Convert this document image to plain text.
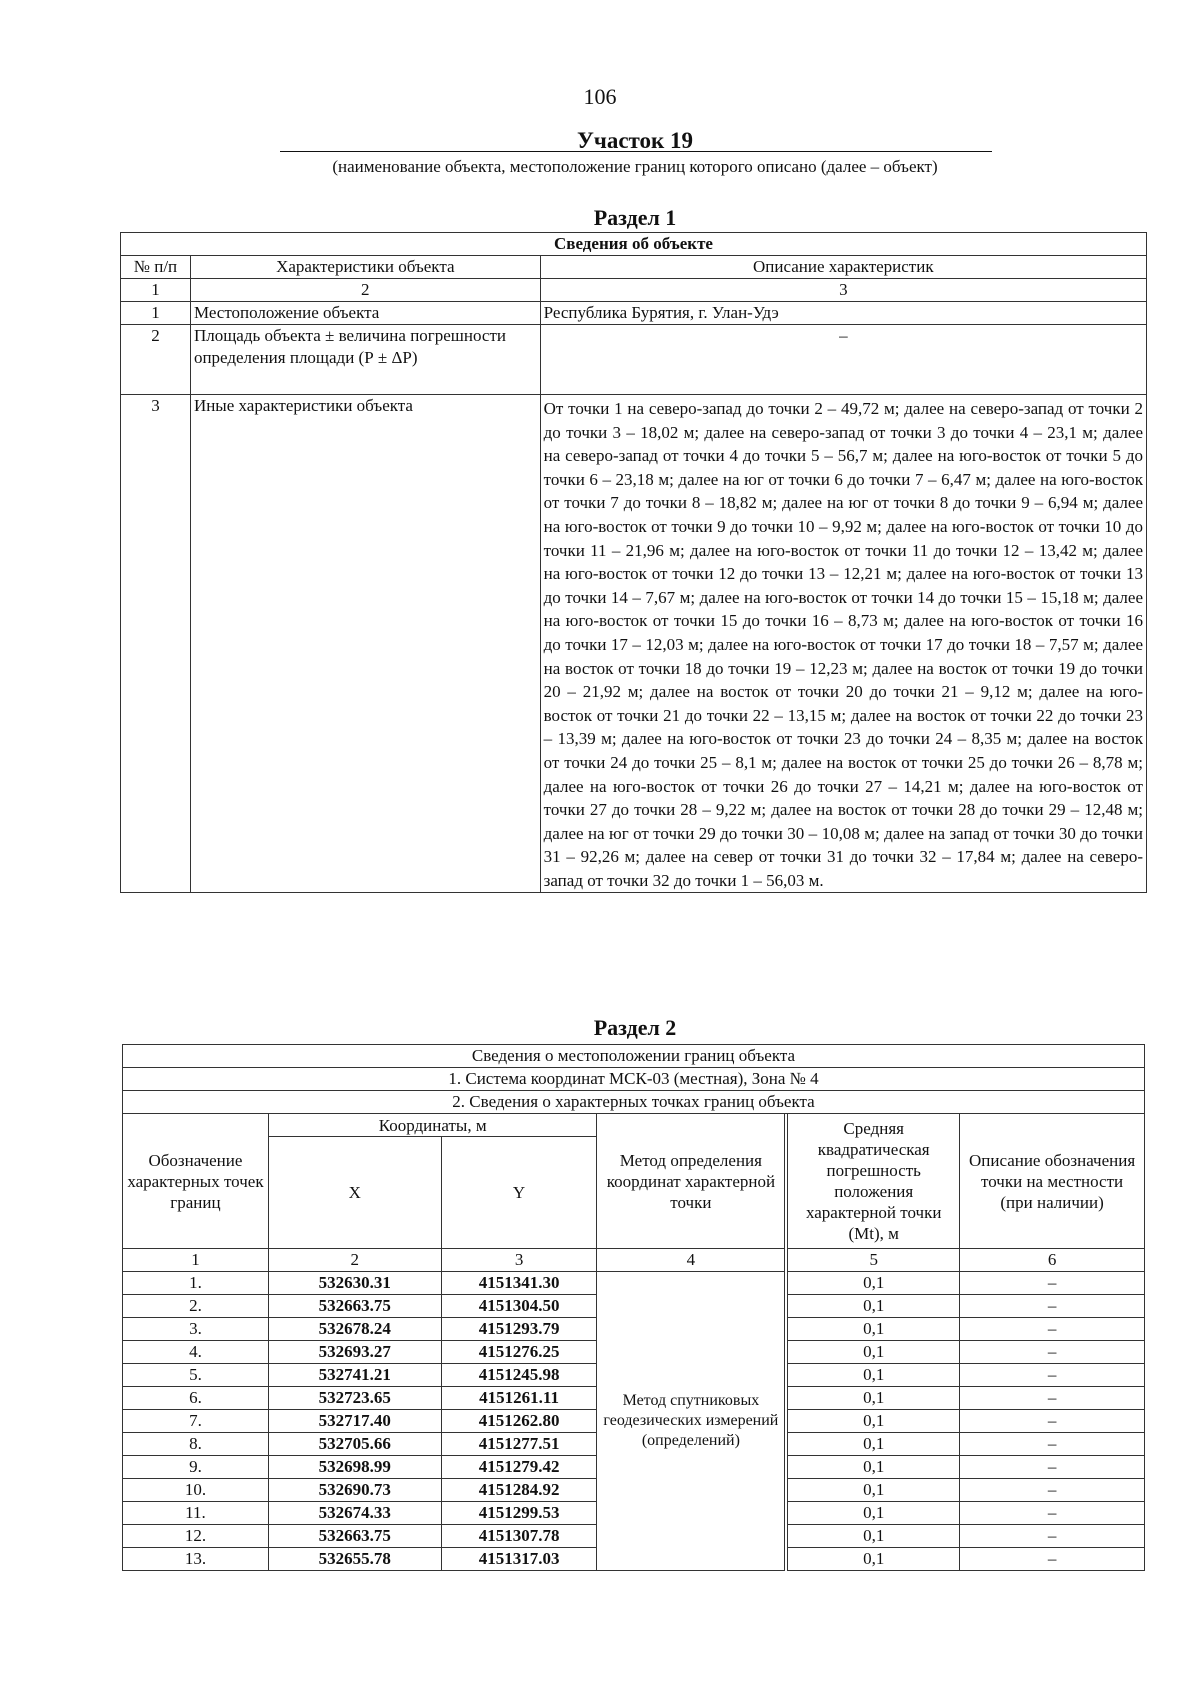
106
Участок 19
(наименование объекта, местоположение границ которого описано (далее – объект)
Раздел 1
Сведения об объекте		
№ п/п	Характеристики объекта	Описание характеристик
1	2	3
1	Местоположение объекта	Республика Бурятия, г. Улан-Удэ
2	Площадь объекта ± величина погрешности определения площади (Р ± ΔР)	–
3	Иные характеристики объекта	От точки 1 на северо-запад до точки 2 – 49,72 м; далее на северо-запад от точки 2 до точки 3 – 18,02 м; далее на северо-запад от точки 3 до точки 4 – 23,1 м; далее на северо-запад от точки 4 до точки 5 – 56,7 м; далее на юго-восток от точки 5 до точки 6 – 23,18 м; далее на юг от точки 6 до точки 7 – 6,47 м; далее на юго-восток от точки 7 до точки 8 – 18,82 м; далее на юг от точки 8 до точки 9 – 6,94 м; далее на юго-восток от точки 9 до точки 10 – 9,92 м; далее на юго-восток от точки 10 до точки 11 – 21,96 м; далее на юго-восток от точки 11 до точки 12 – 13,42 м; далее на юго-восток от точки 12 до точки 13 – 12,21 м; далее на юго-восток от точки 13 до точки 14 – 7,67 м; далее на юго-восток от точки 14 до точки 15 – 15,18 м; далее на юго-восток от точки 15 до точки 16 – 8,73 м; далее на юго-восток от точки 16 до точки 17 – 12,03 м; далее на юго-восток от точки 17 до точки 18 – 7,57 м; далее на восток от точки 18 до точки 19 – 12,23 м; далее на восток от точки 19 до точки 20 – 21,92 м; далее на восток от точки 20 до точки 21 – 9,12 м; далее на юго-восток от точки 21 до точки 22 – 13,15 м; далее на восток от точки 22 до точки 23 – 13,39 м; далее на юго-восток от точки 23 до точки 24 – 8,35 м; далее на восток от точки 24 до точки 25 – 8,1 м; далее на восток от точки 25 до точки 26 – 8,78 м; далее на юго-восток от точки 26 до точки 27 – 14,21 м; далее на юго-восток от точки 27 до точки 28 – 9,22 м; далее на восток от точки 28 до точки 29 – 12,48 м; далее на юг от точки 29 до точки 30 – 10,08 м; далее на запад от точки 30 до точки 31 – 92,26 м; далее на север от точки 31 до точки 32 – 17,84 м; далее на северо-запад от точки 32 до точки 1 – 56,03 м.
Раздел 2
Сведения о местоположении границ объекта						
1. Система координат МСК-03 (местная), Зона № 4						
2. Сведения о характерных точках границ объекта						
Обозначение характерных точек границ	Координаты, м		Метод определения координат характерной точки		Средняя квадратическая погрешность положения характерной точки (Mt), м	Описание обозначения точки на местности (при наличии)
	X	Y				
1	2	3	4		5	6
1.	532630.31	4151341.30	Метод спутниковых геодезических измерений (определений)		0,1	–
2.	532663.75	4151304.50			0,1	–
3.	532678.24	4151293.79			0,1	–
4.	532693.27	4151276.25			0,1	–
5.	532741.21	4151245.98			0,1	–
6.	532723.65	4151261.11			0,1	–
7.	532717.40	4151262.80			0,1	–
8.	532705.66	4151277.51			0,1	–
9.	532698.99	4151279.42			0,1	–
10.	532690.73	4151284.92			0,1	–
11.	532674.33	4151299.53			0,1	–
12.	532663.75	4151307.78			0,1	–
13.	532655.78	4151317.03			0,1	–
